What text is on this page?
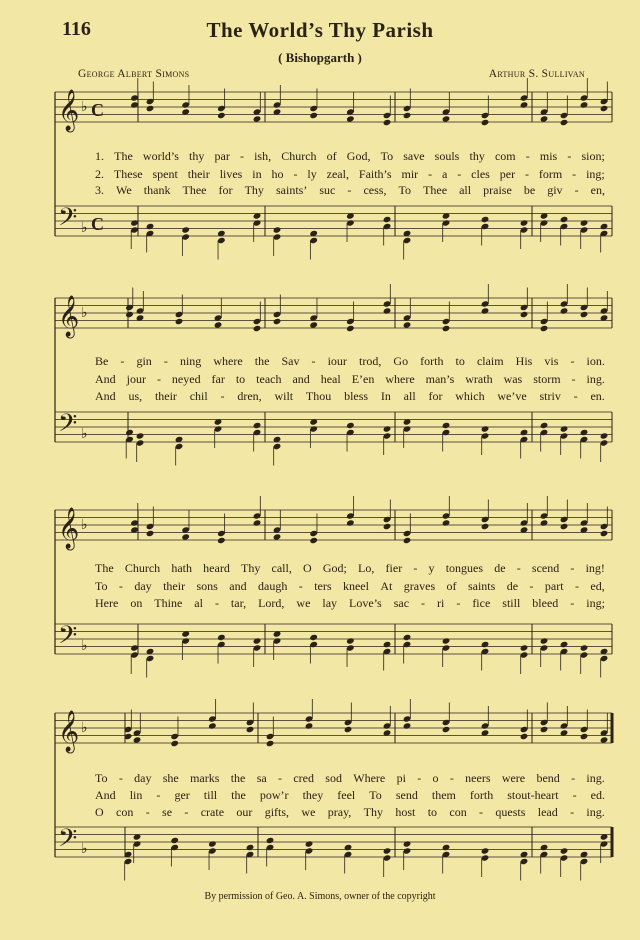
116	The World’s Thy Parish
( Bishopgarth )
George Albert Simons	Arthur S. Sullivan
𝄞
𝄢
♭
♭
C
C
𝄞
𝄢
♭
♭
𝄞
𝄢
♭
♭
𝄞
𝄢
♭
♭
1. The world’s thy par - ish, Church of God, To save souls thy com - mis - sion;
2. These spent their lives in ho - ly zeal, Faith’s mir - a - cles per - form - ing;
3. We thank Thee for Thy saints’ suc - cess, To Thee all praise be giv - en,
Be - gin - ning where the Sav - iour trod, Go forth to claim His vis - ion.
And jour - neyed far to teach and heal E’en where man’s wrath was storm - ing.
And us, their chil - dren, wilt Thou bless In all for which we’ve striv - en.
The Church hath heard Thy call, O God; Lo, fier - y tongues de - scend - ing!
To - day their sons and daugh - ters kneel At graves of saints de - part - ed,
Here on Thine al - tar, Lord, we lay Love’s sac - ri - fice still bleed - ing;
To - day she marks the sa - cred sod Where pi - o - neers were bend - ing.
And lin - ger till the pow’r they feel To send them forth stout-heart - ed.
O con - se - crate our gifts, we pray, Thy host to con - quests lead - ing.
By permission of Geo. A. Simons, owner of the copyright
